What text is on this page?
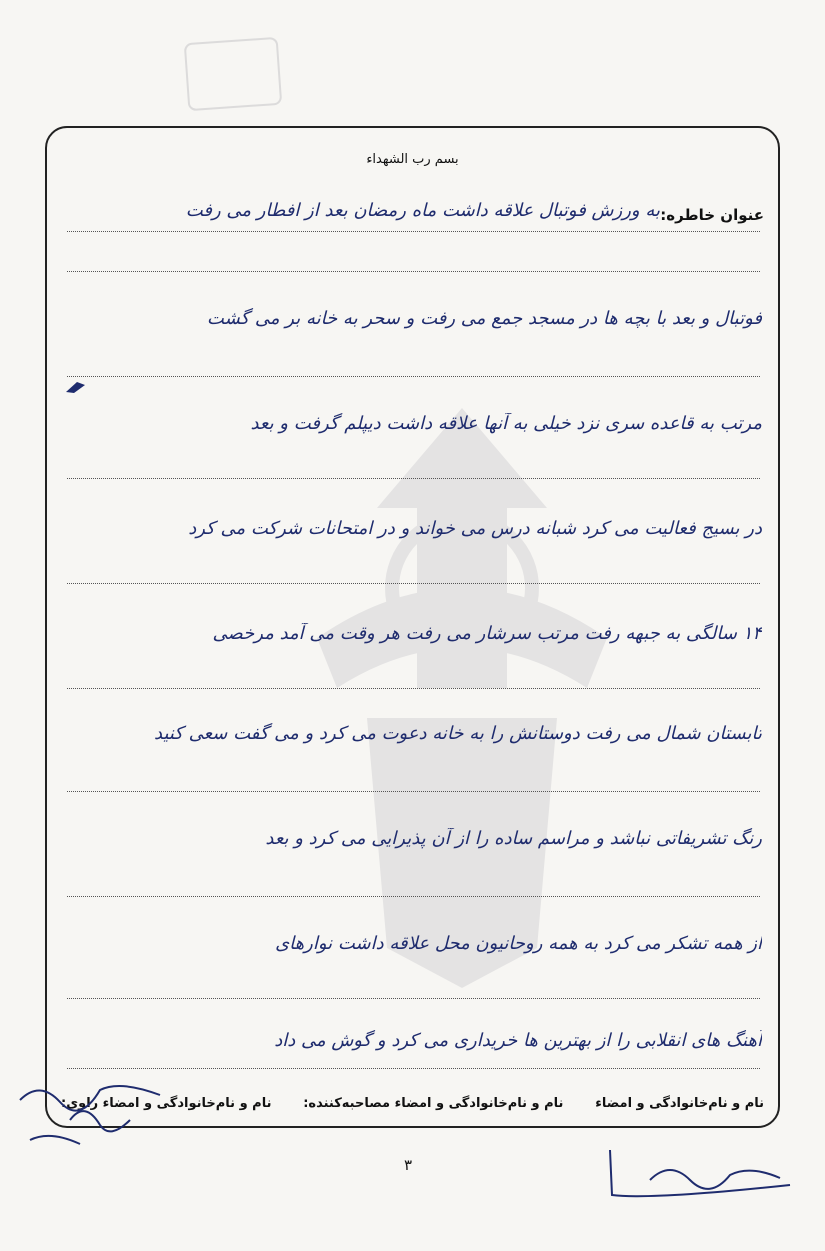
بسم رب الشهداء
عنوان خاطره:
به ورزش فوتبال علاقه داشت ماه رمضان بعد از افطار می رفت
فوتبال و بعد با بچه ها در مسجد جمع می رفت و سحر به خانه بر می گشت
مرتب به قاعده سری نزد خیلی به آنها علاقه داشت دیپلم گرفت و بعد
در بسیج فعالیت می کرد شبانه درس می خواند و در امتحانات شرکت می کرد
۱۴ سالگی به جبهه رفت مرتب سرشار می رفت هر وقت می آمد مرخصی
تابستان شمال می رفت دوستانش را به خانه دعوت می کرد و می گفت سعی کنید
رنگ تشریفاتی نباشد و مراسم ساده را از آن پذیرایی می کرد و بعد
از همه تشکر می کرد به همه روحانیون محل علاقه داشت نوارهای
آهنگ های انقلابی را از بهترین ها خریداری می کرد و گوش می داد
نام و نام‌خانوادگی و امضاء
نام و نام‌خانوادگی و امضاء مصاحبه‌کننده:
نام و نام‌خانوادگی و امضاء راوی:
۳
